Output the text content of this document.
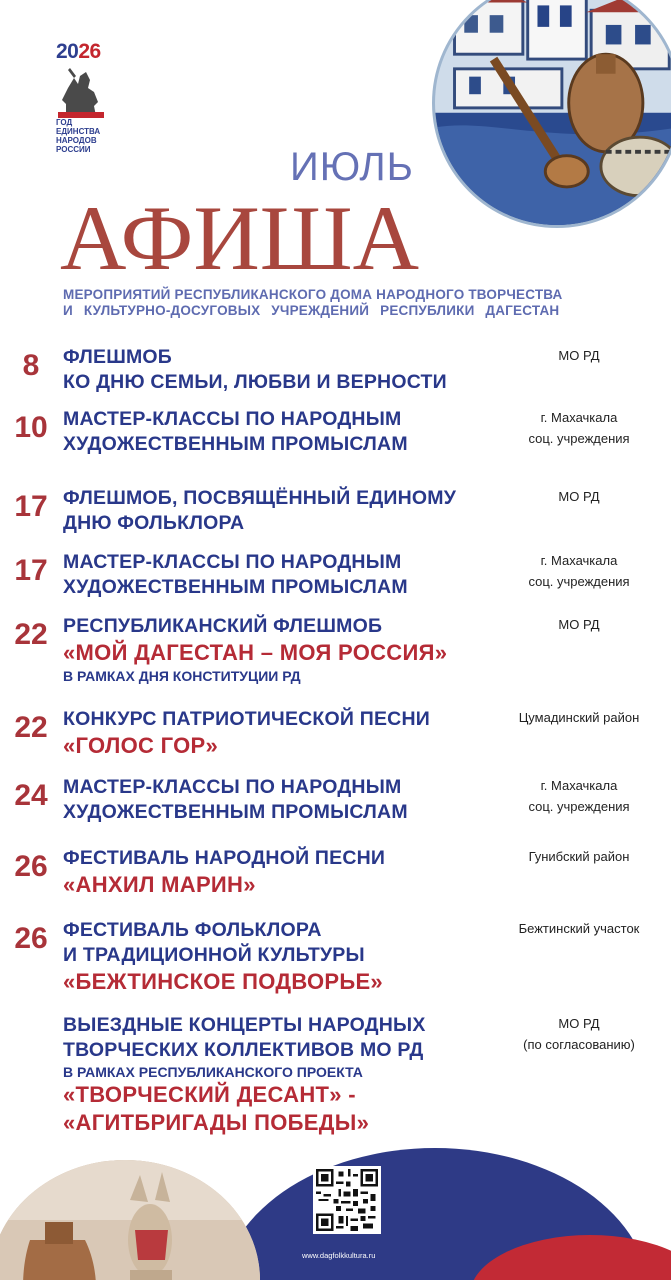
2026
ГОД
ЕДИНСТВА
НАРОДОВ
РОССИИ	ИЮЛЬ
АФИША
МЕРОПРИЯТИЙ РЕСПУБЛИКАНСКОГО ДОМА НАРОДНОГО ТВОРЧЕСТВА
И КУЛЬТУРНО-ДОСУГОВЫХ УЧРЕЖДЕНИЙ РЕСПУБЛИКИ ДАГЕСТАН
8	ФЛЕШМОБ
КО ДНЮ СЕМЬИ, ЛЮБВИ И ВЕРНОСТИ
МО РД
10 МАСТЕР-КЛАССЫ ПО НАРОДНЫМ
ХУДОЖЕСТВЕННЫМ ПРОМЫСЛАМ
г. Махачкала
соц. учреждения
17 ФЛЕШМОБ, ПОСВЯЩЁННЫЙ ЕДИНОМУ
ДНЮ ФОЛЬКЛОРА
МО РД
17 МАСТЕР-КЛАССЫ ПО НАРОДНЫМ
ХУДОЖЕСТВЕННЫМ ПРОМЫСЛАМ
г. Махачкала
соц. учреждения
22 РЕСПУБЛИКАНСКИЙ ФЛЕШМОБ
«МОЙ ДАГЕСТАН – МОЯ РОССИЯ»
В РАМКАХ ДНЯ КОНСТИТУЦИИ РД
МО РД
22 КОНКУРС ПАТРИОТИЧЕСКОЙ ПЕСНИ
«ГОЛОС ГОР»
Цумадинский район
24 МАСТЕР-КЛАССЫ ПО НАРОДНЫМ
ХУДОЖЕСТВЕННЫМ ПРОМЫСЛАМ
г. Махачкала
соц. учреждения
26 ФЕСТИВАЛЬ НАРОДНОЙ ПЕСНИ
«АНХИЛ МАРИН»
Гунибский район
26 ФЕСТИВАЛЬ ФОЛЬКЛОРА
И ТРАДИЦИОННОЙ КУЛЬТУРЫ
«БЕЖТИНСКОЕ ПОДВОРЬЕ»
Бежтинский участок
ВЫЕЗДНЫЕ КОНЦЕРТЫ НАРОДНЫХ
ТВОРЧЕСКИХ КОЛЛЕКТИВОВ МО РД
В РАМКАХ РЕСПУБЛИКАНСКОГО ПРОЕКТА
«ТВОРЧЕСКИЙ ДЕСАНТ» -
«АГИТБРИГАДЫ ПОБЕДЫ»
МО РД
(по согласованию)
www.dagfolkkultura.ru
